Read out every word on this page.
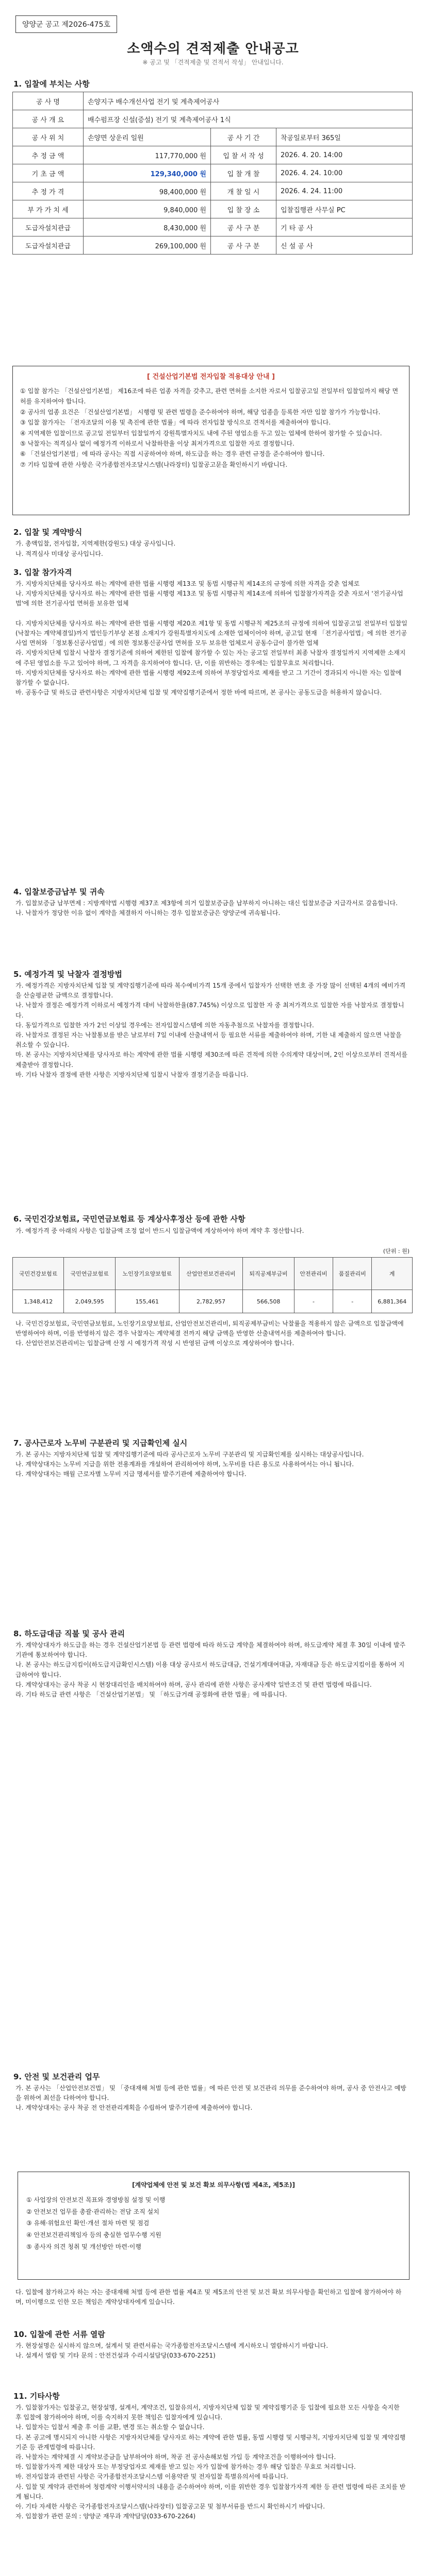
양양군 공고 제2026-475호
소액수의 견적제출 안내공고
※ 공고 및 「견적제출 및 견적서 작성」 안내입니다.
1. 입찰에 부치는 사항
공 사 명	손양지구 배수개선사업 전기 및 계측제어공사		
공 사 개 요	배수펌프장 신설(증설) 전기 및 계측제어공사 1식		
공 사 위 치	손양면 상운리 일원	공 사 기 간	착공일로부터 365일
추 정 금 액	117,770,000 원	입 찰 서 작 성	2026. 4. 20. 14:00
기 초 금 액	129,340,000 원	입 찰 개 찰	2026. 4. 24. 10:00
추 정 가 격	98,400,000 원	개 찰 일 시	2026. 4. 24. 11:00
부 가 가 치 세	9,840,000 원	입 찰 장 소	입찰집행관 사무실 PC
도급자설치관급	8,430,000 원	공 사 구 분	기 타 공 사
도급자설치관급	269,100,000 원	공 사 구 분	신 설 공 사
[ 건설산업기본법 전자입찰 적용대상 안내 ]
① 입찰 참가는 「건설산업기본법」 제16조에 따른 업종 자격을 갖추고, 관련 면허를 소지한 자로서 입찰공고일 전일부터 입찰일까지 해당 면허를 유지하여야 합니다.
② 공사의 업종 요건은 「건설산업기본법」 시행령 및 관련 법령을 준수하여야 하며, 해당 업종을 등록한 자만 입찰 참가가 가능합니다.
③ 입찰 참가자는 「전자조달의 이용 및 촉진에 관한 법률」에 따라 전자입찰 방식으로 견적서를 제출하여야 합니다.
④ 지역제한 입찰이므로 공고일 전일부터 입찰일까지 강원특별자치도 내에 주된 영업소를 두고 있는 업체에 한하여 참가할 수 있습니다.
⑤ 낙찰자는 적격심사 없이 예정가격 이하로서 낙찰하한율 이상 최저가격으로 입찰한 자로 결정합니다.
⑥ 「건설산업기본법」에 따라 공사는 직접 시공하여야 하며, 하도급을 하는 경우 관련 규정을 준수하여야 합니다.
⑦ 기타 입찰에 관한 사항은 국가종합전자조달시스템(나라장터) 입찰공고문을 확인하시기 바랍니다.
2. 입찰 및 계약방식
가. 총액입찰, 전자입찰, 지역제한(강원도) 대상 공사입니다.
나. 적격심사 미대상 공사입니다.
3. 입찰 참가자격
가. 지방자치단체를 당사자로 하는 계약에 관한 법률 시행령 제13조 및 동법 시행규칙 제14조의 규정에 의한 자격을 갖춘 업체로
나. 지방자치단체를 당사자로 하는 계약에 관한 법률 시행령 제13조 및 동법 시행규칙 제14조에 의하여 입찰참가자격을 갖춘 자로서 '전기공사업법'에 의한 전기공사업 면허를 보유한 업체

다. 지방자치단체를 당사자로 하는 계약에 관한 법률 시행령 제20조 제1항 및 동법 시행규칙 제25조의 규정에 의하여 입찰공고일 전일부터 입찰일(낙찰자는 계약체결일)까지 법인등기부상 본점 소재지가 강원특별자치도에 소재한 업체이어야 하며, 공고일 현재 「전기공사업법」에 의한 전기공사업 면허와 「정보통신공사업법」에 의한 정보통신공사업 면허를 모두 보유한 업체로서 공동수급이 불가한 업체
라. 지방자치단체 입찰시 낙찰자 결정기준에 의하여 제한된 입찰에 참가할 수 있는 자는 공고일 전일부터 최종 낙찰자 결정일까지 지역제한 소재지에 주된 영업소를 두고 있어야 하며, 그 자격을 유지하여야 합니다. 단, 이를 위반하는 경우에는 입찰무효로 처리합니다.
마. 지방자치단체를 당사자로 하는 계약에 관한 법률 시행령 제92조에 의하여 부정당업자로 제재를 받고 그 기간이 경과되지 아니한 자는 입찰에 참가할 수 없습니다.
바. 공동수급 및 하도급 관련사항은 지방자치단체 입찰 및 계약집행기준에서 정한 바에 따르며, 본 공사는 공동도급을 허용하지 않습니다.
4. 입찰보증금납부 및 귀속
가. 입찰보증금 납부면제 : 지방계약법 시행령 제37조 제3항에 의거 입찰보증금을 납부하지 아니하는 대신 입찰보증금 지급각서로 갈음합니다.
나. 낙찰자가 정당한 이유 없이 계약을 체결하지 아니하는 경우 입찰보증금은 양양군에 귀속됩니다.
5. 예정가격 및 낙찰자 결정방법
가. 예정가격은 지방자치단체 입찰 및 계약집행기준에 따라 복수예비가격 15개 중에서 입찰자가 선택한 번호 중 가장 많이 선택된 4개의 예비가격을 산술평균한 금액으로 결정합니다.
나. 낙찰자 결정은 예정가격 이하로서 예정가격 대비 낙찰하한율(87.745%) 이상으로 입찰한 자 중 최저가격으로 입찰한 자를 낙찰자로 결정합니다.
다. 동일가격으로 입찰한 자가 2인 이상일 경우에는 전자입찰시스템에 의한 자동추첨으로 낙찰자를 결정합니다.
라. 낙찰자로 결정된 자는 낙찰통보를 받은 날로부터 7일 이내에 산출내역서 등 필요한 서류를 제출하여야 하며, 기한 내 제출하지 않으면 낙찰을 취소할 수 있습니다.
마. 본 공사는 지방자치단체를 당사자로 하는 계약에 관한 법률 시행령 제30조에 따른 견적에 의한 수의계약 대상이며, 2인 이상으로부터 견적서를 제출받아 결정합니다.
바. 기타 낙찰자 결정에 관한 사항은 지방자치단체 입찰시 낙찰자 결정기준을 따릅니다.
6. 국민건강보험료, 국민연금보험료 등 계상사후정산 등에 관한 사항
가. 예정가격 중 아래의 사항은 입찰금액 조정 없이 반드시 입찰금액에 계상하여야 하며 계약 후 정산합니다.
(단위 : 원)
국민건강보험료	국민연금보험료	노인장기요양보험료	산업안전보건관리비	퇴직공제부금비	안전관리비	품질관리비	계
1,348,412	2,049,595	155,461	2,782,957	566,508	-	-	6,881,364
나. 국민건강보험료, 국민연금보험료, 노인장기요양보험료, 산업안전보건관리비, 퇴직공제부금비는 낙찰률을 적용하지 않은 금액으로 입찰금액에 반영하여야 하며, 이를 반영하지 않은 경우 낙찰자는 계약체결 전까지 해당 금액을 반영한 산출내역서를 제출하여야 합니다.
다. 산업안전보건관리비는 입찰금액 산정 시 예정가격 작성 시 반영된 금액 이상으로 계상하여야 합니다.
7. 공사근로자 노무비 구분관리 및 지급확인제 실시
가. 본 공사는 지방자치단체 입찰 및 계약집행기준에 따라 공사근로자 노무비 구분관리 및 지급확인제를 실시하는 대상공사입니다.
나. 계약상대자는 노무비 지급을 위한 전용계좌를 개설하여 관리하여야 하며, 노무비를 다른 용도로 사용하여서는 아니 됩니다.
다. 계약상대자는 매월 근로자별 노무비 지급 명세서를 발주기관에 제출하여야 합니다.
8. 하도급대금 직불 및 공사 관리
가. 계약상대자가 하도급을 하는 경우 건설산업기본법 등 관련 법령에 따라 하도급 계약을 체결하여야 하며, 하도급계약 체결 후 30일 이내에 발주기관에 통보하여야 합니다.
나. 본 공사는 하도급지킴이(하도급지급확인시스템) 이용 대상 공사로서 하도급대금, 건설기계대여대금, 자재대금 등은 하도급지킴이를 통하여 지급하여야 합니다.
다. 계약상대자는 공사 착공 시 현장대리인을 배치하여야 하며, 공사 관리에 관한 사항은 공사계약 일반조건 및 관련 법령에 따릅니다.
라. 기타 하도급 관련 사항은 「건설산업기본법」 및 「하도급거래 공정화에 관한 법률」에 따릅니다.
9. 안전 및 보건관리 업무
가. 본 공사는 「산업안전보건법」 및 「중대재해 처벌 등에 관한 법률」에 따른 안전 및 보건관리 의무를 준수하여야 하며, 공사 중 안전사고 예방을 위하여 최선을 다하여야 합니다.
나. 계약상대자는 공사 착공 전 안전관리계획을 수립하여 발주기관에 제출하여야 합니다.
[계약업체에 안전 및 보건 확보 의무사항(법 제4조, 제5조)]
① 사업장의 안전보건 목표와 경영방침 설정 및 이행
② 안전보건 업무를 총괄·관리하는 전담 조직 설치
③ 유해·위험요인 확인·개선 절차 마련 및 점검
④ 안전보건관리책임자 등의 충실한 업무수행 지원
⑤ 종사자 의견 청취 및 개선방안 마련·이행
다. 입찰에 참가하고자 하는 자는 중대재해 처벌 등에 관한 법률 제4조 및 제5조의 안전 및 보건 확보 의무사항을 확인하고 입찰에 참가하여야 하며, 미이행으로 인한 모든 책임은 계약상대자에게 있습니다.
10. 입찰에 관한 서류 열람
가. 현장설명은 실시하지 않으며, 설계서 및 관련서류는 국가종합전자조달시스템에 게시하오니 열람하시기 바랍니다.
나. 설계서 열람 및 기타 문의 : 안전건설과 수리시설담당(033-670-2251)
11. 기타사항
가. 입찰참가자는 입찰공고, 현장설명, 설계서, 계약조건, 입찰유의서, 지방자치단체 입찰 및 계약집행기준 등 입찰에 필요한 모든 사항을 숙지한 후 입찰에 참가하여야 하며, 이를 숙지하지 못한 책임은 입찰자에게 있습니다.
나. 입찰자는 입찰서 제출 후 이를 교환, 변경 또는 취소할 수 없습니다.
다. 본 공고에 명시되지 아니한 사항은 지방자치단체를 당사자로 하는 계약에 관한 법률, 동법 시행령 및 시행규칙, 지방자치단체 입찰 및 계약집행기준 등 관계법령에 따릅니다.
라. 낙찰자는 계약체결 시 계약보증금을 납부하여야 하며, 착공 전 공사손해보험 가입 등 계약조건을 이행하여야 합니다.
마. 입찰참가자격 제한 대상자 또는 부정당업자로 제재를 받고 있는 자가 입찰에 참가하는 경우 해당 입찰은 무효로 처리합니다.
바. 전자입찰과 관련된 사항은 국가종합전자조달시스템 이용약관 및 전자입찰 특별유의서에 따릅니다.
사. 입찰 및 계약과 관련하여 청렴계약 이행서약서의 내용을 준수하여야 하며, 이를 위반한 경우 입찰참가자격 제한 등 관련 법령에 따른 조치를 받게 됩니다.
아. 기타 자세한 사항은 국가종합전자조달시스템(나라장터) 입찰공고문 및 첨부서류를 반드시 확인하시기 바랍니다.
자. 입찰참가 관련 문의 : 양양군 재무과 계약담당(033-670-2264)
